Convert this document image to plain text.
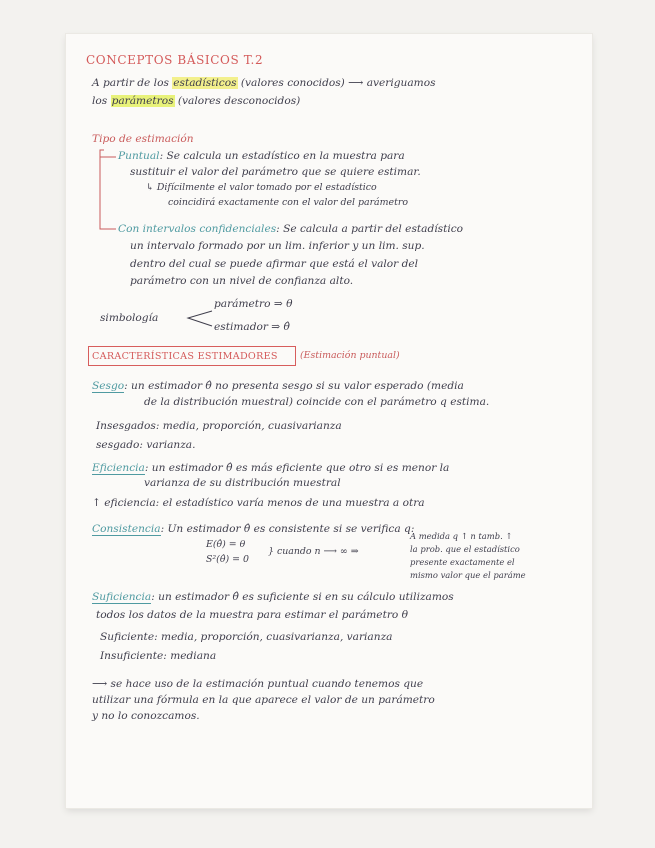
CONCEPTOS BÁSICOS T.2
A partir de los estadísticos (valores conocidos) ⟶ averiguamos
los parámetros (valores desconocidos)
Tipo de estimación
Puntual: Se calcula un estadístico en la muestra para
sustituir el valor del parámetro que se quiere estimar.
↳ Difícilmente el valor tomado por el estadístico
coincidirá exactamente con el valor del parámetro
Con intervalos confidenciales: Se calcula a partir del estadístico
un intervalo formado por un lim. inferior y un lim. sup.
dentro del cual se puede afirmar que está el valor del
parámetro con un nivel de confianza alto.
simbología
parámetro ⇒ θ
estimador ⇒ θ̂
CARACTERÍSTICAS ESTIMADORES (Estimación puntual)
Sesgo: un estimador θ̂ no presenta sesgo si su valor esperado (media
de la distribución muestral) coincide con el parámetro q estima.
Insesgados: media, proporción, cuasivarianza
sesgado: varianza.
Eficiencia: un estimador θ̂ es más eficiente que otro si es menor la
varianza de su distribución muestral
↑ eficiencia: el estadístico varía menos de una muestra a otra
Consistencia: Un estimador θ̂ es consistente si se verifica q:
E(θ̂) = θ
S²(θ̂) = 0
} cuando n ⟶ ∞ ⇒
A medida q ↑ n tamb. ↑
la prob. que el estadístico
presente exactamente el
mismo valor que el paráme
Suficiencia: un estimador θ̂ es suficiente si en su cálculo utilizamos
todos los datos de la muestra para estimar el parámetro θ
Suficiente: media, proporción, cuasivarianza, varianza
Insuficiente: mediana
⟶ se hace uso de la estimación puntual cuando tenemos que
utilizar una fórmula en la que aparece el valor de un parámetro
y no lo conozcamos.
